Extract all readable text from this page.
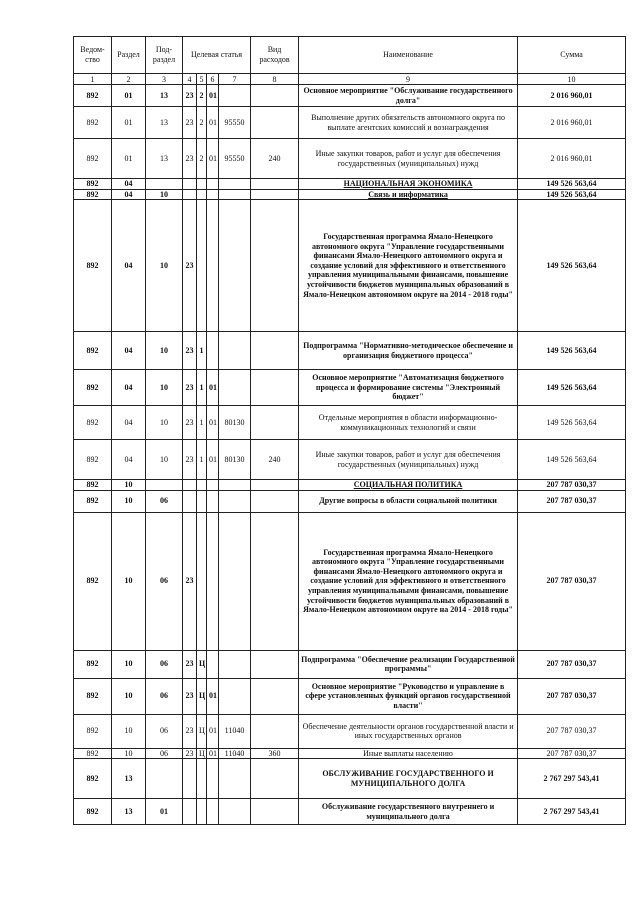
Ведом-ство	Раздел	Под-раздел	Целевая статья				Вид расходов	Наименование	Сумма
1	2	3	4	5	6	7	8	9	10
892	01	13	23	2	01			Основное мероприятие "Обслуживание государственного долга"	2 016 960,01
892	01	13	23	2	01	95550		Выполнение других обязательств автономного округа по выплате агентских комиссий и вознаграждения	2 016 960,01
892	01	13	23	2	01	95550	240	Иные закупки товаров, работ и услуг для обеспечения государственных (муниципальных) нужд	2 016 960,01
892	04							НАЦИОНАЛЬНАЯ ЭКОНОМИКА	149 526 563,64
892	04	10						Связь и информатика	149 526 563,64
892	04	10	23					Государственная программа Ямало-Ненецкого автономного округа "Управление государственными финансами Ямало-Ненецкого автономного округа и создание условий для эффективного и ответственного управления муниципальными финансами, повышение устойчивости бюджетов муниципальных образований в Ямало-Ненецком автономном округе на 2014 - 2018 годы"	149 526 563,64
892	04	10	23	1				Подпрограмма "Нормативно-методическое обеспечение и организация бюджетного процесса"	149 526 563,64
892	04	10	23	1	01			Основное мероприятие "Автоматизация бюджетного процесса и формирование системы "Электронный бюджет"	149 526 563,64
892	04	10	23	1	01	80130		Отдельные мероприятия в области информационно-коммуникационных технологий и связи	149 526 563,64
892	04	10	23	1	01	80130	240	Иные закупки товаров, работ и услуг для обеспечения государственных (муниципальных) нужд	149 526 563,64
892	10							СОЦИАЛЬНАЯ ПОЛИТИКА	207 787 030,37
892	10	06						Другие вопросы в области социальной политики	207 787 030,37
892	10	06	23					Государственная программа Ямало-Ненецкого автономного округа "Управление государственными финансами Ямало-Ненецкого автономного округа и создание условий для эффективного и ответственного управления муниципальными финансами, повышение устойчивости бюджетов муниципальных образований в Ямало-Ненецком автономном округе на 2014 - 2018 годы"	207 787 030,37
892	10	06	23	Ц				Подпрограмма "Обеспечение реализации Государственной программы"	207 787 030,37
892	10	06	23	Ц	01			Основное мероприятие "Руководство и управление в сфере установленных функций органов государственной власти"	207 787 030,37
892	10	06	23	Ц	01	11040		Обеспечение деятельности органов государственной власти и иных государственных органов	207 787 030,37
892	10	06	23	Ц	01	11040	360	Иные выплаты населению	207 787 030,37
892	13							ОБСЛУЖИВАНИЕ ГОСУДАРСТВЕННОГО И МУНИЦИПАЛЬНОГО ДОЛГА	2 767 297 543,41
892	13	01						Обслуживание государственного внутреннего и муниципального долга	2 767 297 543,41
